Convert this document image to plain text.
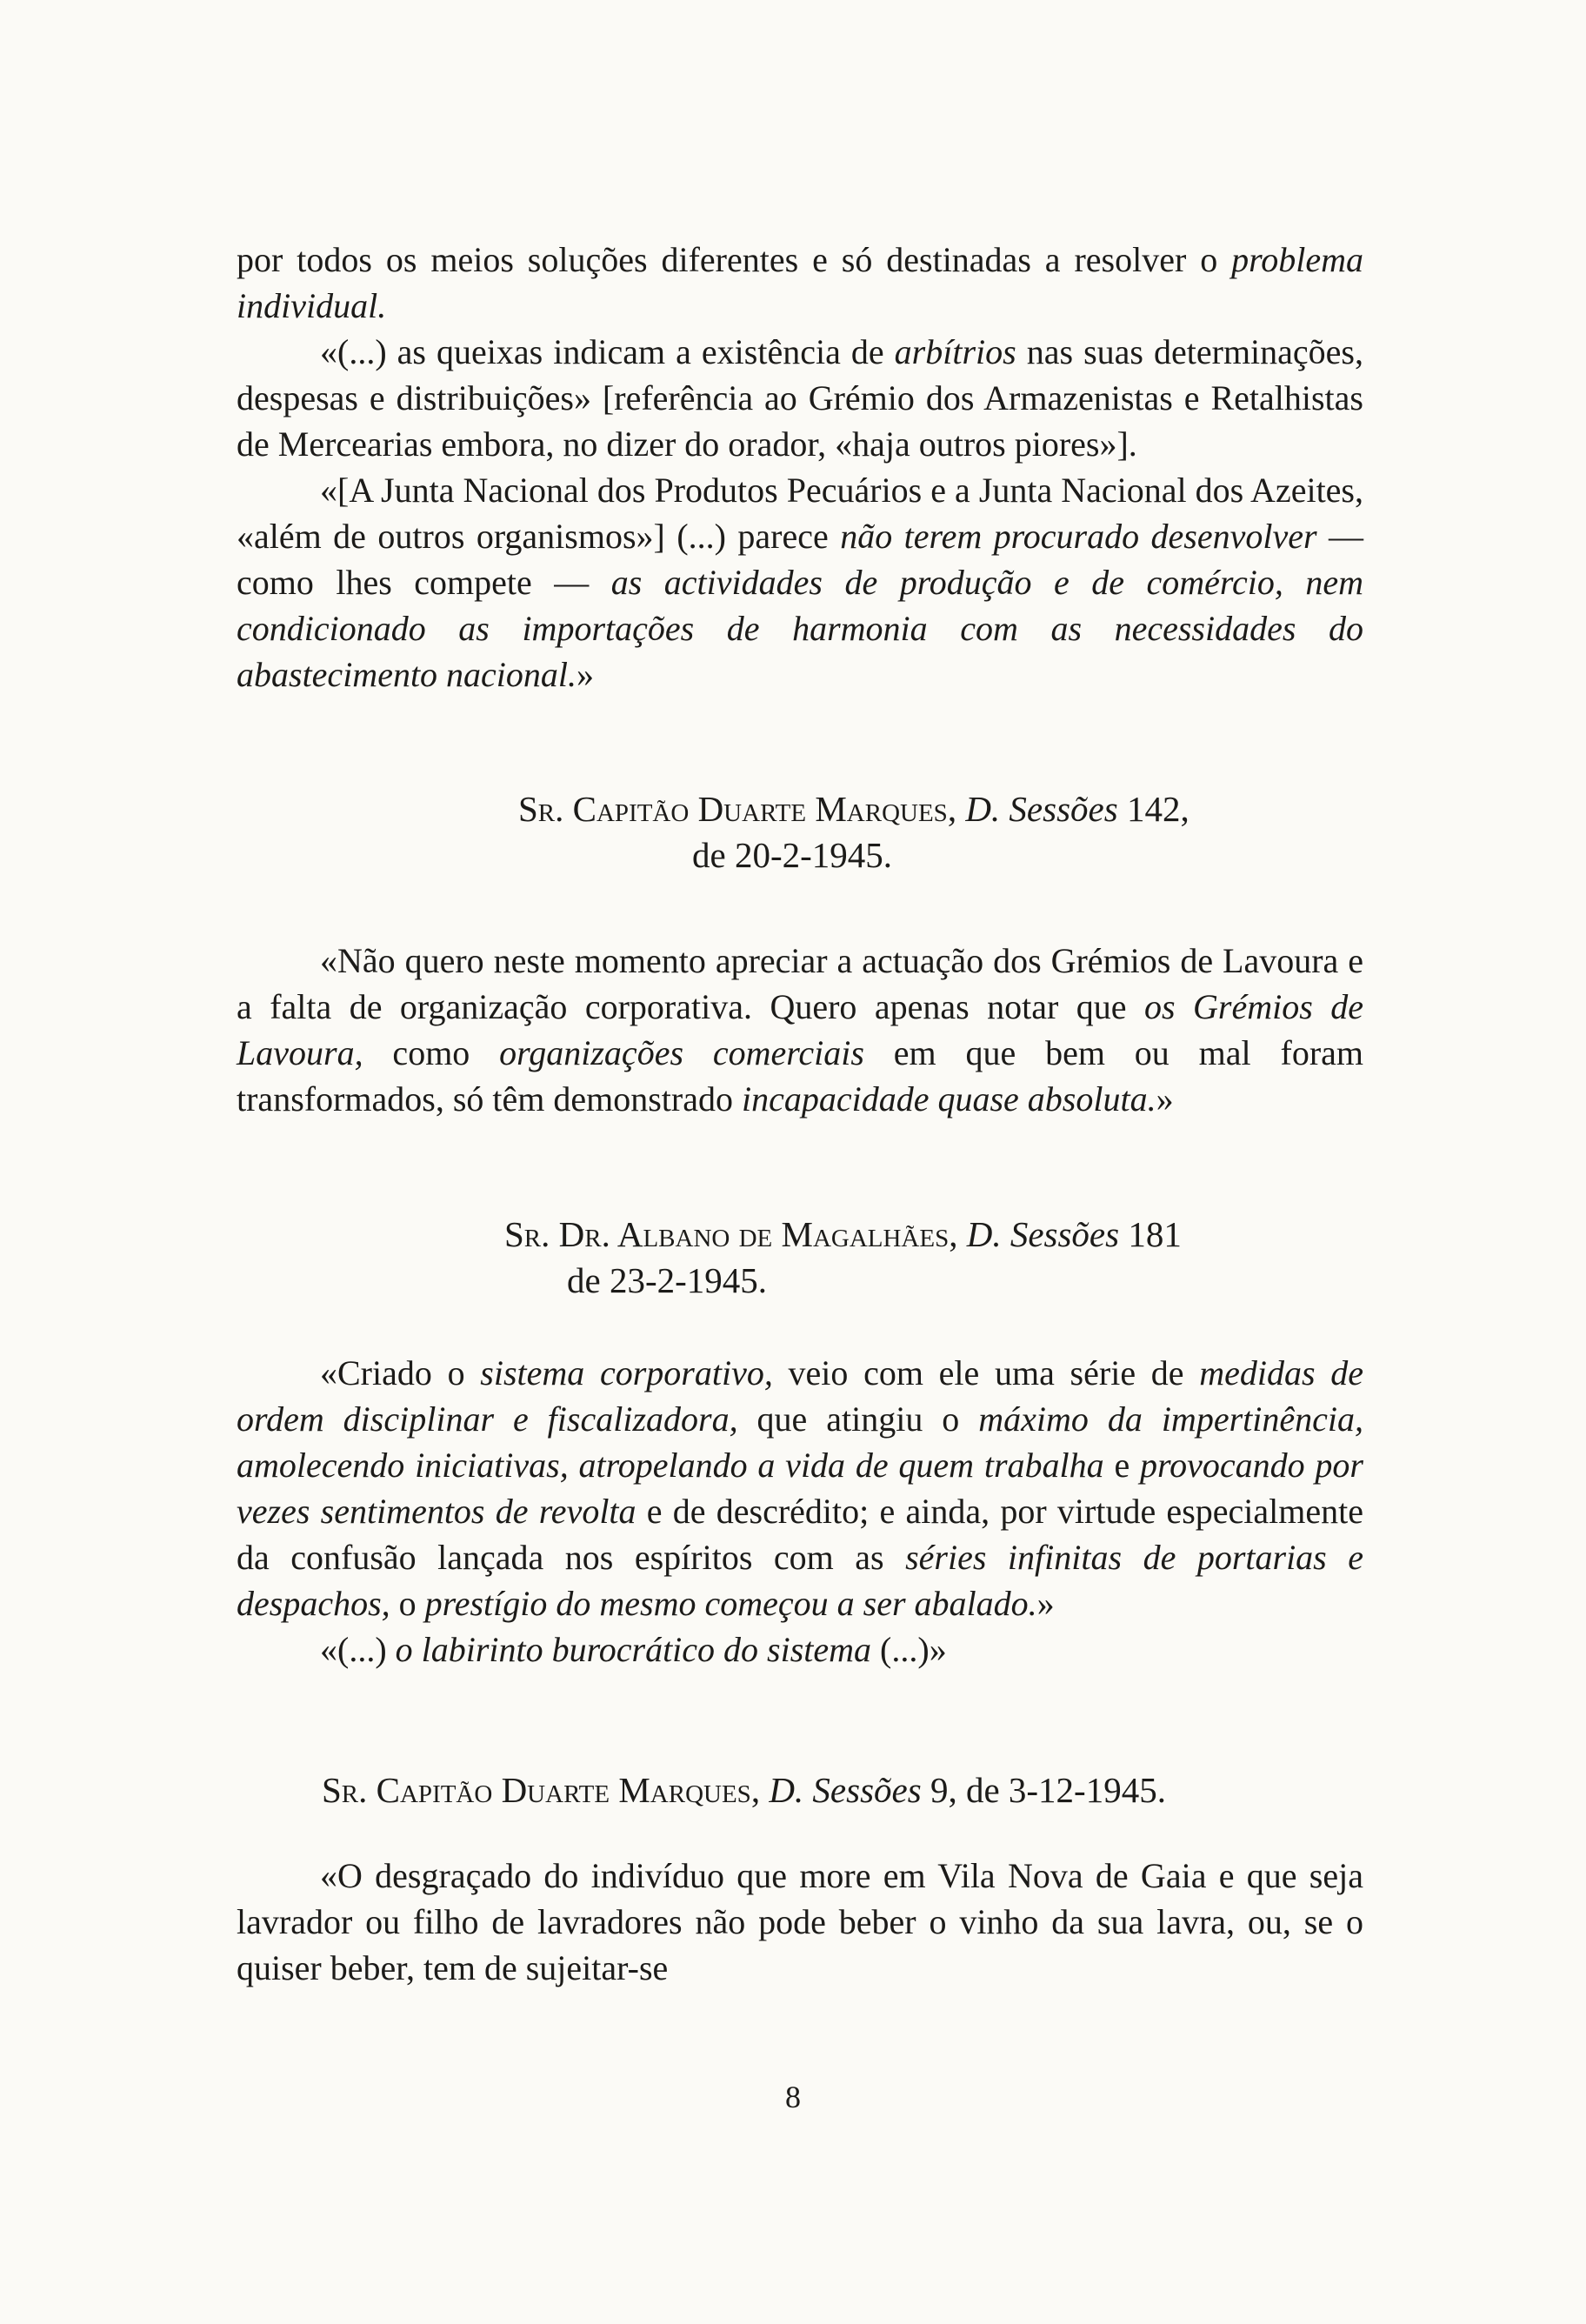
por todos os meios soluções diferentes e só destinadas a resolver o problema individual.

«(...) as queixas indicam a existência de arbítrios nas suas determinações, despesas e distribuições» [referência ao Grémio dos Armazenistas e Retalhistas de Mercearias embora, no dizer do orador, «haja outros piores»].

«[A Junta Nacional dos Produtos Pecuários e a Junta Nacional dos Azeites, «além de outros organismos»] (...) parece não terem procurado desenvolver — como lhes compete — as actividades de produção e de comércio, nem condicionado as importações de harmonia com as necessidades do abastecimento nacional.»

Sr. Capitão Duarte Marques, D. Sessões 142,

de 20-2-1945.

«Não quero neste momento apreciar a actuação dos Grémios de Lavoura e a falta de organização corporativa. Quero apenas notar que os Grémios de Lavoura, como organizações comerciais em que bem ou mal foram transformados, só têm demonstrado incapacidade quase absoluta.»

Sr. Dr. Albano de Magalhães, D. Sessões 181

de 23-2-1945.

«Criado o sistema corporativo, veio com ele uma série de medidas de ordem disciplinar e fiscalizadora, que atingiu o máximo da impertinência, amolecendo iniciativas, atropelando a vida de quem trabalha e provocando por vezes sentimentos de revolta e de descrédito; e ainda, por virtude especialmente da confusão lançada nos espíritos com as séries infinitas de portarias e despachos, o prestígio do mesmo começou a ser abalado.»

«(...) o labirinto burocrático do sistema (...)»

Sr. Capitão Duarte Marques, D. Sessões 9, de 3-12-1945.

«O desgraçado do indivíduo que more em Vila Nova de Gaia e que seja lavrador ou filho de lavradores não pode beber o vinho da sua lavra, ou, se o quiser beber, tem de sujeitar-se

8
